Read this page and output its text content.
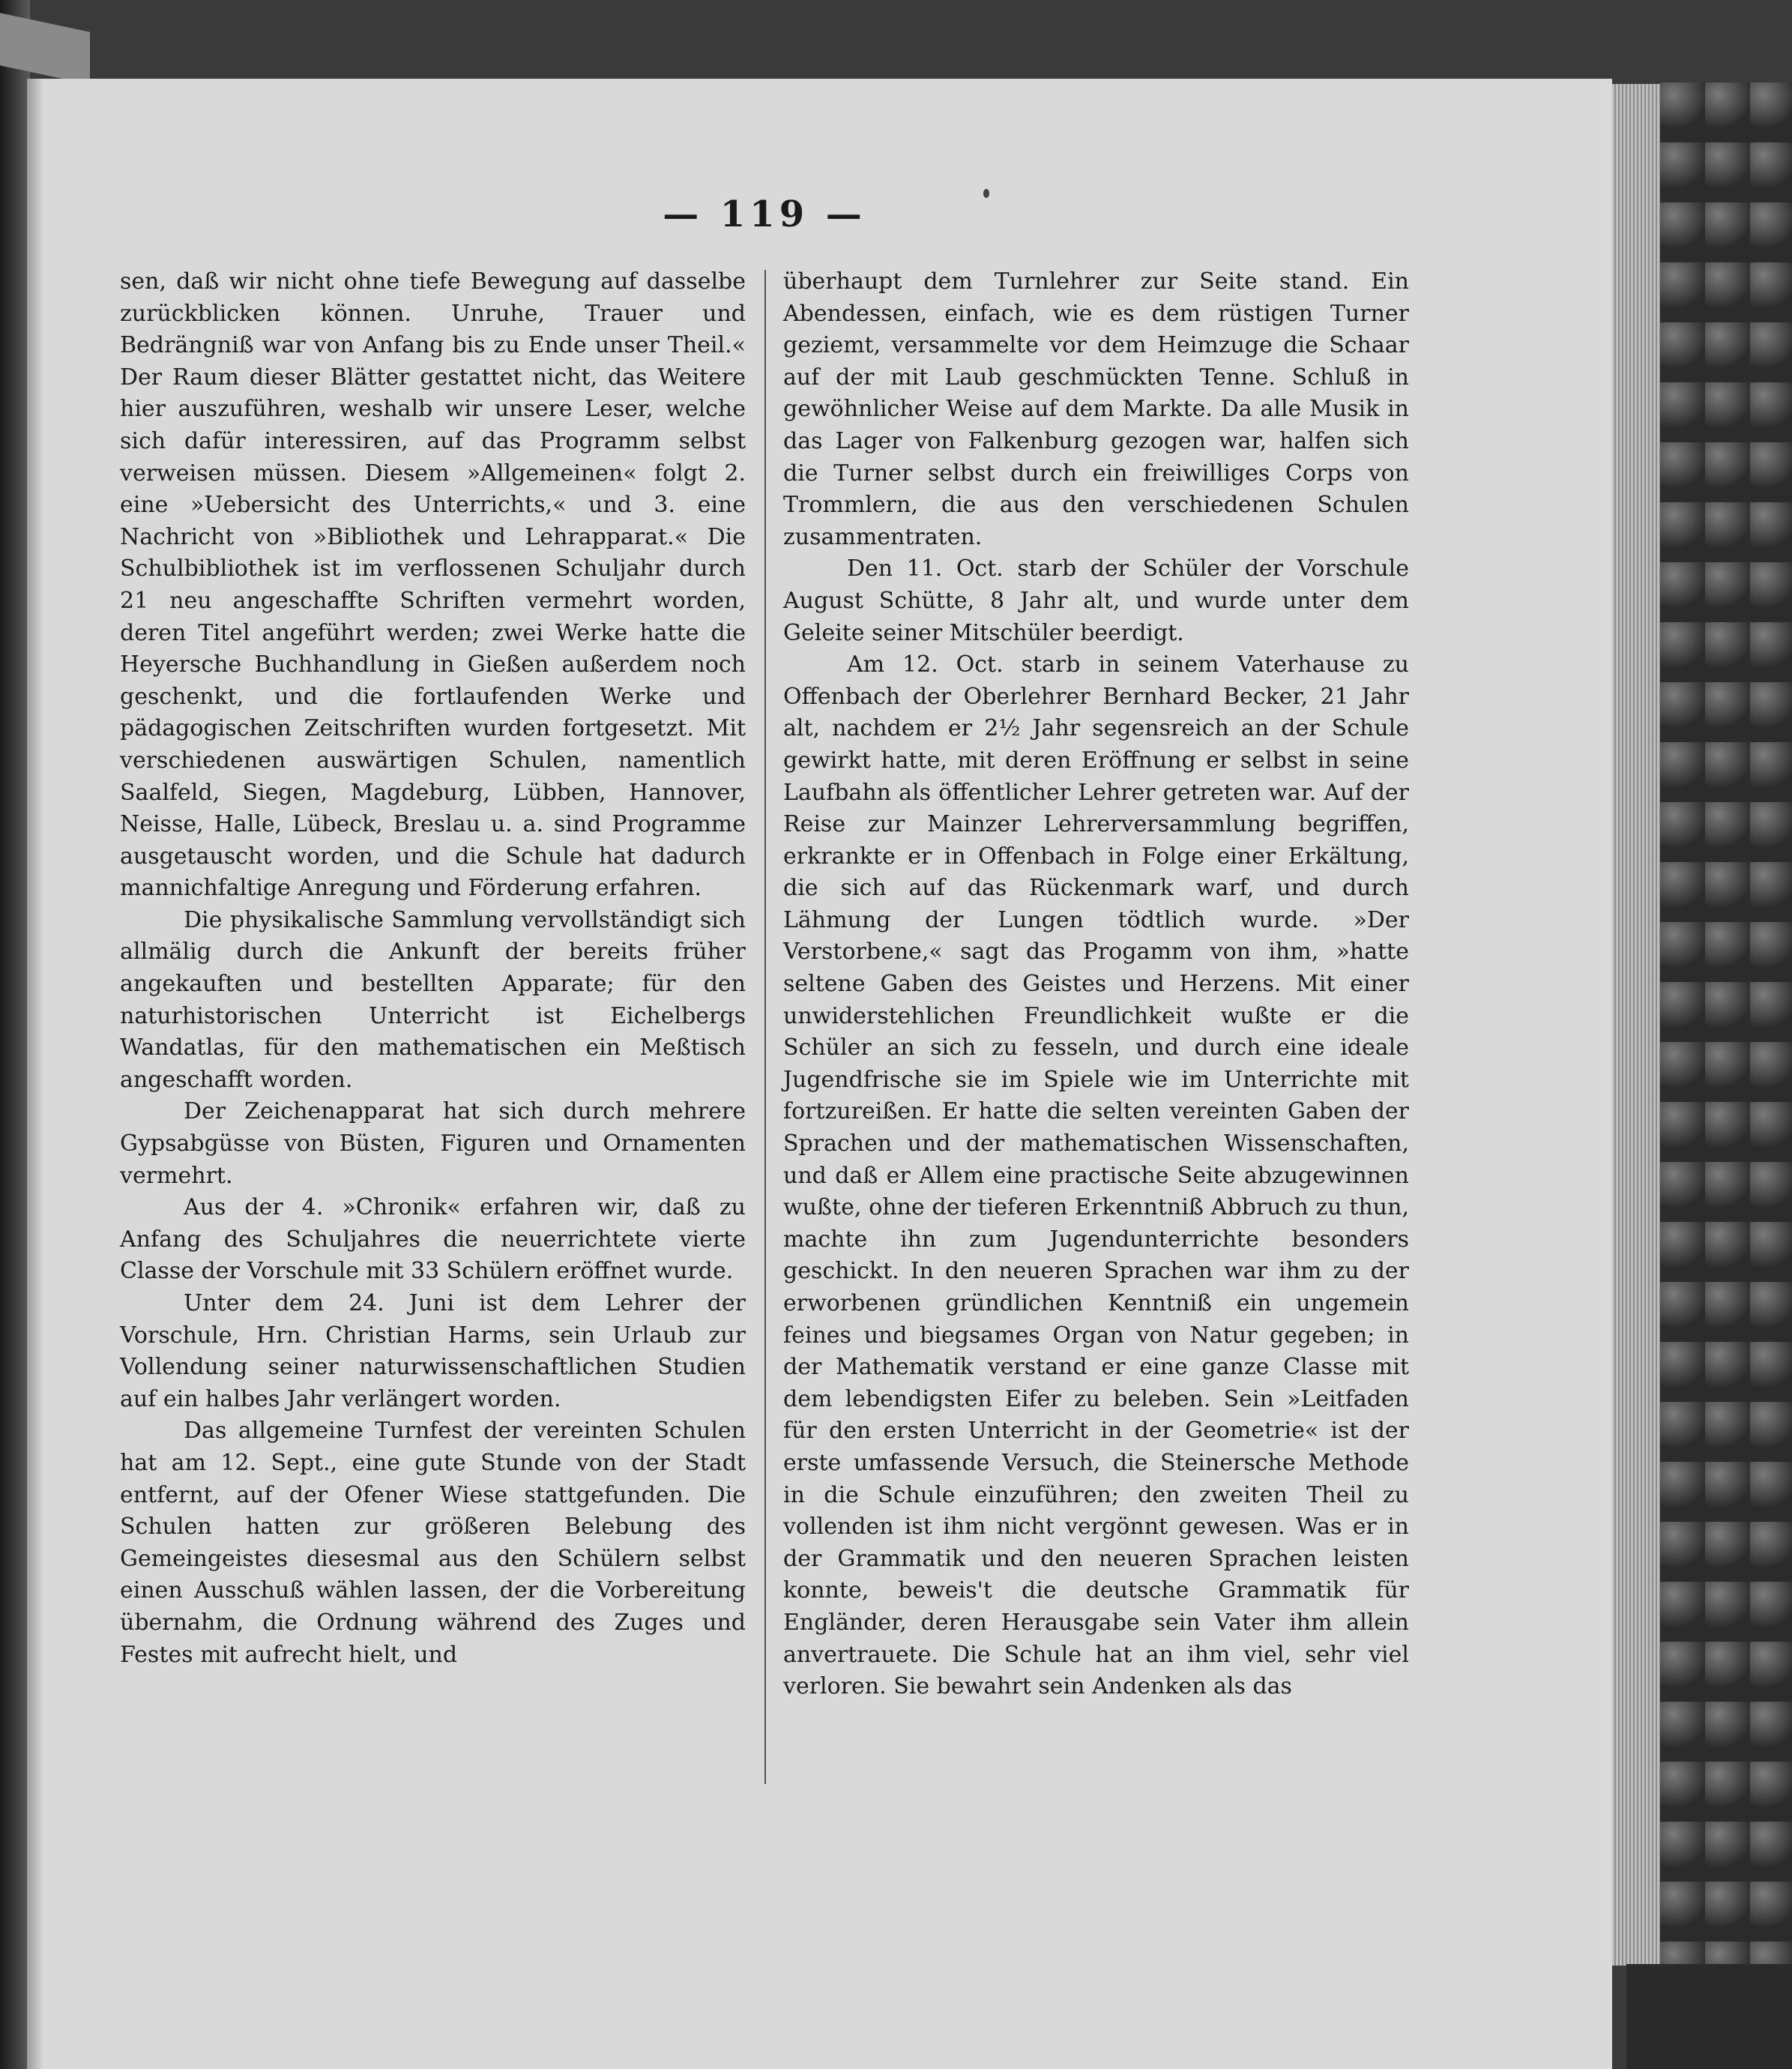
— 119 —

sen, daß wir nicht ohne tiefe Bewegung auf dasselbe zurückblicken können. Unruhe, Trauer und Bedrängniß war von Anfang bis zu Ende unser Theil.« Der Raum dieser Blätter gestattet nicht, das Weitere hier auszuführen, weshalb wir unsere Leser, welche sich dafür interessiren, auf das Programm selbst verweisen müssen. Diesem »Allgemeinen« folgt 2. eine »Uebersicht des Unterrichts,« und 3. eine Nachricht von »Bibliothek und Lehrapparat.« Die Schulbibliothek ist im verflossenen Schuljahr durch 21 neu angeschaffte Schriften vermehrt worden, deren Titel angeführt werden; zwei Werke hatte die Heyersche Buchhandlung in Gießen außerdem noch geschenkt, und die fortlaufenden Werke und pädagogischen Zeitschriften wurden fortgesetzt. Mit verschiedenen auswärtigen Schulen, namentlich Saalfeld, Siegen, Magdeburg, Lübben, Hannover, Neisse, Halle, Lübeck, Breslau u. a. sind Programme ausgetauscht worden, und die Schule hat dadurch mannichfaltige Anregung und Förderung erfahren.

Die physikalische Sammlung vervollständigt sich allmälig durch die Ankunft der bereits früher angekauften und bestellten Apparate; für den naturhistorischen Unterricht ist Eichelbergs Wandatlas, für den mathematischen ein Meßtisch angeschafft worden.

Der Zeichenapparat hat sich durch mehrere Gypsabgüsse von Büsten, Figuren und Ornamenten vermehrt.

Aus der 4. »Chronik« erfahren wir, daß zu Anfang des Schuljahres die neuerrichtete vierte Classe der Vorschule mit 33 Schülern eröffnet wurde.

Unter dem 24. Juni ist dem Lehrer der Vorschule, Hrn. Christian Harms, sein Urlaub zur Vollendung seiner naturwissenschaftlichen Studien auf ein halbes Jahr verlängert worden.

Das allgemeine Turnfest der vereinten Schulen hat am 12. Sept., eine gute Stunde von der Stadt entfernt, auf der Ofener Wiese stattgefunden. Die Schulen hatten zur größeren Belebung des Gemeingeistes diesesmal aus den Schülern selbst einen Ausschuß wählen lassen, der die Vorbereitung übernahm, die Ordnung während des Zuges und Festes mit aufrecht hielt, und

überhaupt dem Turnlehrer zur Seite stand. Ein Abendessen, einfach, wie es dem rüstigen Turner geziemt, versammelte vor dem Heimzuge die Schaar auf der mit Laub geschmückten Tenne. Schluß in gewöhnlicher Weise auf dem Markte. Da alle Musik in das Lager von Falkenburg gezogen war, halfen sich die Turner selbst durch ein freiwilliges Corps von Trommlern, die aus den verschiedenen Schulen zusammentraten.

Den 11. Oct. starb der Schüler der Vorschule August Schütte, 8 Jahr alt, und wurde unter dem Geleite seiner Mitschüler beerdigt.

Am 12. Oct. starb in seinem Vaterhause zu Offenbach der Oberlehrer Bernhard Becker, 21 Jahr alt, nachdem er 2½ Jahr segensreich an der Schule gewirkt hatte, mit deren Eröffnung er selbst in seine Laufbahn als öffentlicher Lehrer getreten war. Auf der Reise zur Mainzer Lehrerversammlung begriffen, erkrankte er in Offenbach in Folge einer Erkältung, die sich auf das Rückenmark warf, und durch Lähmung der Lungen tödtlich wurde. »Der Verstorbene,« sagt das Progamm von ihm, »hatte seltene Gaben des Geistes und Herzens. Mit einer unwiderstehlichen Freundlichkeit wußte er die Schüler an sich zu fesseln, und durch eine ideale Jugendfrische sie im Spiele wie im Unterrichte mit fortzureißen. Er hatte die selten vereinten Gaben der Sprachen und der mathematischen Wissenschaften, und daß er Allem eine practische Seite abzugewinnen wußte, ohne der tieferen Erkenntniß Abbruch zu thun, machte ihn zum Jugendunterrichte besonders geschickt. In den neueren Sprachen war ihm zu der erworbenen gründlichen Kenntniß ein ungemein feines und biegsames Organ von Natur gegeben; in der Mathematik verstand er eine ganze Classe mit dem lebendigsten Eifer zu beleben. Sein »Leitfaden für den ersten Unterricht in der Geometrie« ist der erste umfassende Versuch, die Steinersche Methode in die Schule einzuführen; den zweiten Theil zu vollenden ist ihm nicht vergönnt gewesen. Was er in der Grammatik und den neueren Sprachen leisten konnte, beweis't die deutsche Grammatik für Engländer, deren Herausgabe sein Vater ihm allein anvertrauete. Die Schule hat an ihm viel, sehr viel verloren. Sie bewahrt sein Andenken als das
